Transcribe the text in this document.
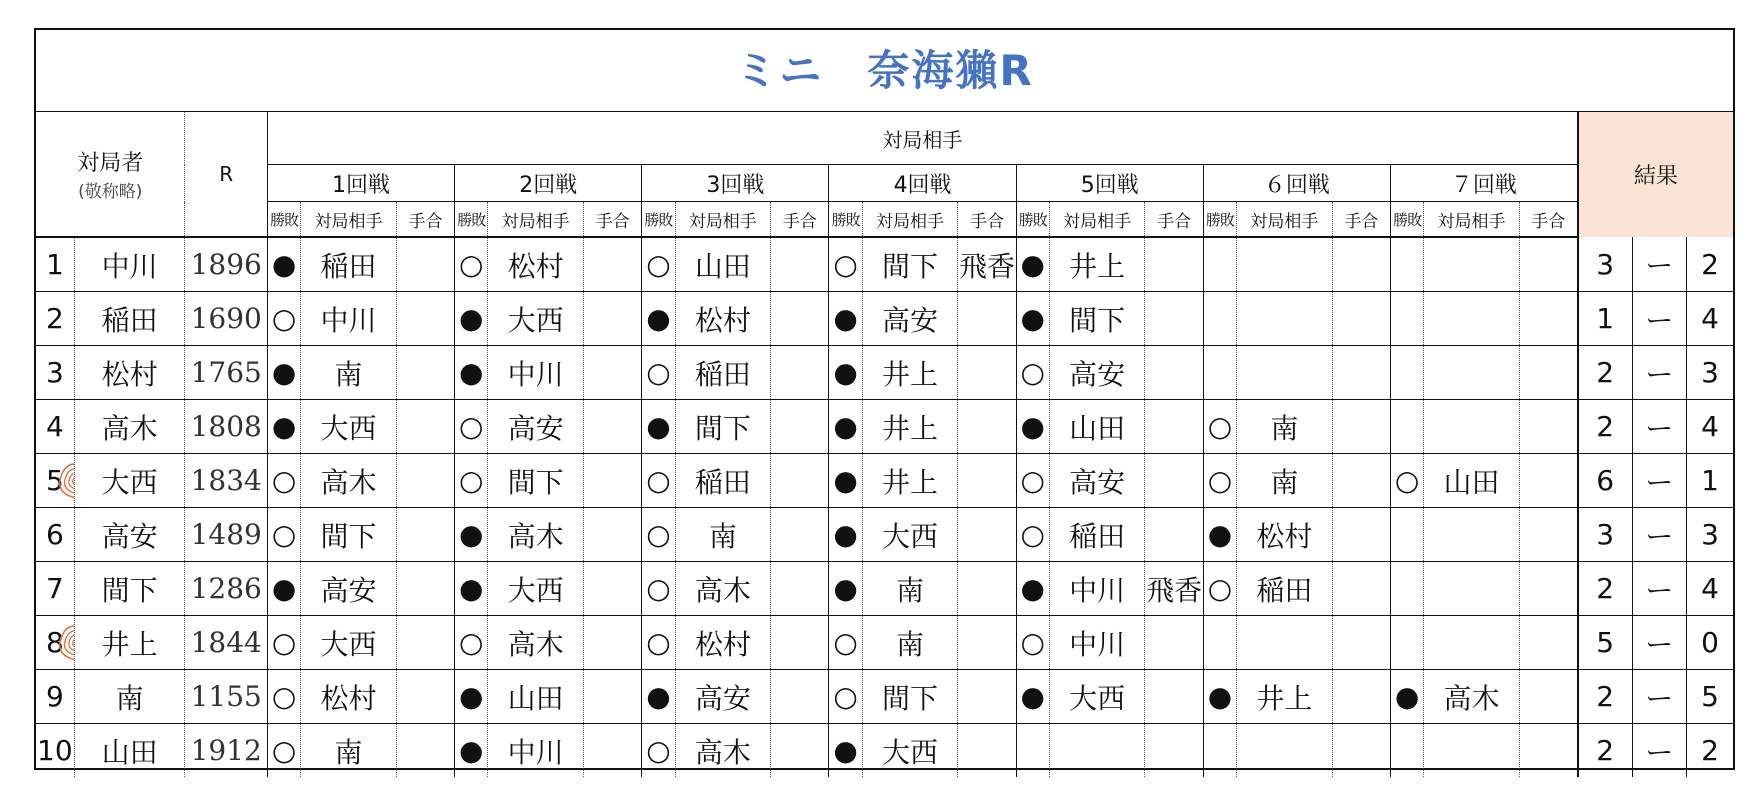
ミニ　奈海獺R
対局者
(敬称略)		R	対局相手																					結果		
			1回戦			2回戦			3回戦			4回戦			5回戦			６回戦			７回戦					
			勝敗	対局相手	手合	勝敗	対局相手	手合	勝敗	対局相手	手合	勝敗	対局相手	手合	勝敗	対局相手	手合	勝敗	対局相手	手合	勝敗	対局相手	手合			
1	中川	1896	●	稲田		○	松村		○	山田		○	間下	飛香	●	井上								3	ー	2
2	稲田	1690	○	中川		●	大西		●	松村		●	高安		●	間下								1	ー	4
3	松村	1765	●	南		●	中川		○	稲田		●	井上		○	高安								2	ー	3
4	高木	1808	●	大西		○	高安		●	間下		●	井上		●	山田		○	南					2	ー	4
5	大西	1834	○	高木		○	間下		○	稲田		●	井上		○	高安		○	南		○	山田		6	ー	1
6	高安	1489	○	間下		●	高木		○	南		●	大西		○	稲田		●	松村					3	ー	3
7	間下	1286	●	高安		●	大西		○	高木		●	南		●	中川	飛香	○	稲田					2	ー	4
8	井上	1844	○	大西		○	高木		○	松村		○	南		○	中川								5	ー	0
9	南	1155	○	松村		●	山田		●	高安		○	間下		●	大西		●	井上		●	高木		2	ー	5
10	山田	1912	○	南		●	中川		○	高木		●	大西											2	ー	2
